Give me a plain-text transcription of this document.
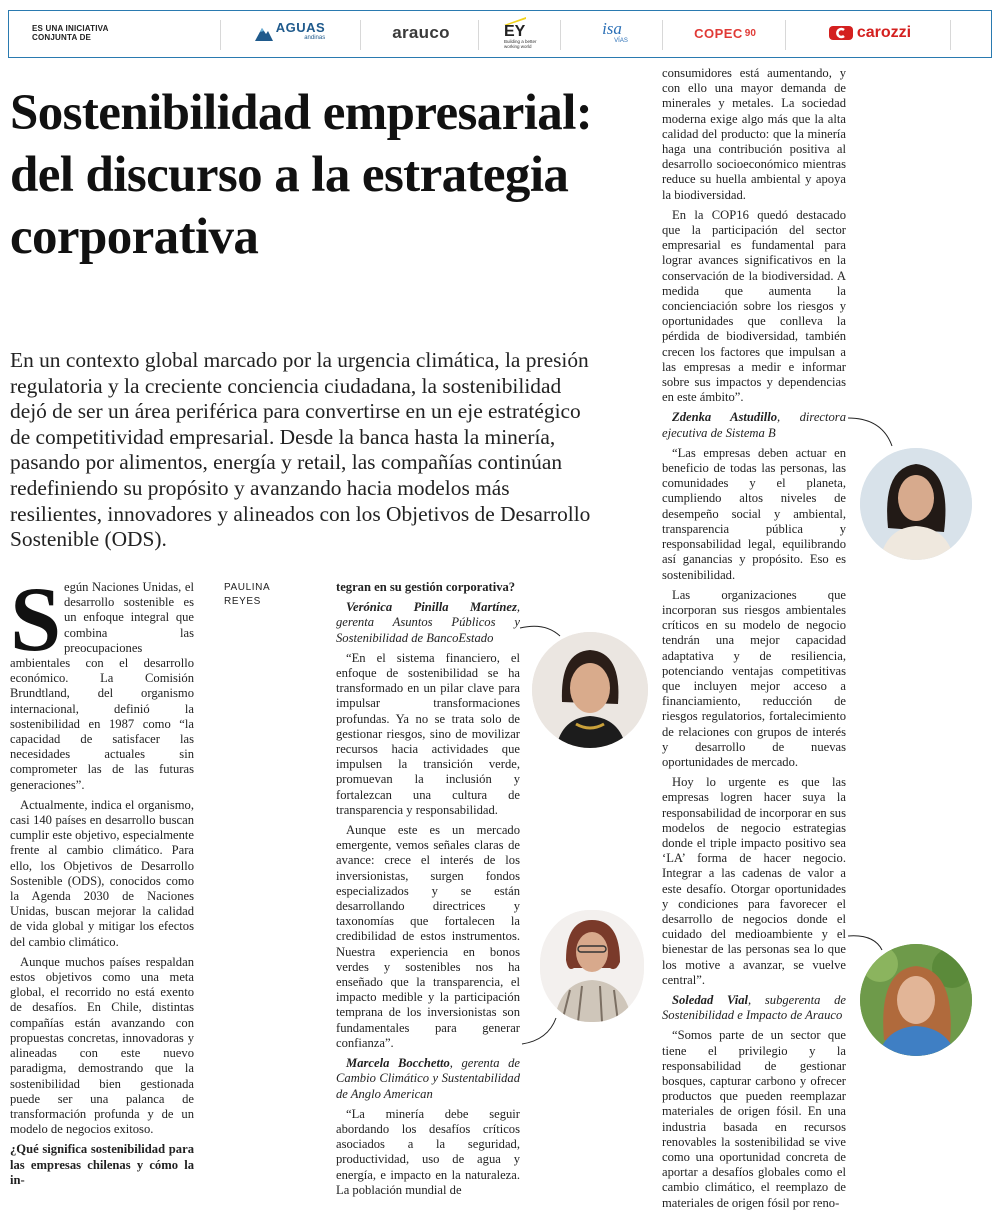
ES UNA INICIATIVA CONJUNTA DE
AGUAS
andinas	arauco	EY
Building a better working world
isa
VÍAS
COPEC 90	carozzi
Sostenibilidad empresarial: del discurso a la estrategia corporativa

En un contexto global marcado por la urgencia climática, la presión regulatoria y la creciente conciencia ciudadana, la sostenibilidad dejó de ser un área periférica para convertirse en un eje estratégico de competitividad empresarial. Desde la banca hasta la minería, pasando por alimentos, energía y retail, las compañías continúan redefiniendo su propósito y avanzando hacia modelos más resilientes, innovadores y alineados con los Objetivos de Desarrollo Sostenible (ODS).

PAULINA
REYES
S egún Naciones Unidas, el desarrollo sostenible es un enfoque integral que combina las preocupaciones ambientales con el desarrollo económico. La Comisión Brundtland, del organismo internacional, definió la sostenibilidad en 1987 como “la capacidad de satisfacer las necesidades actuales sin comprometer las de las futuras generaciones”.

Actualmente, indica el organismo, casi 140 países en desarrollo buscan cumplir este objetivo, especialmente frente al cambio climático. Para ello, los Objetivos de Desarrollo Sostenible (ODS), conocidos como la Agenda 2030 de Naciones Unidas, buscan mejorar la calidad de vida global y mitigar los efectos del cambio climático.

Aunque muchos países respaldan estos objetivos como una meta global, el recorrido no está exento de desafíos. En Chile, distintas compañías están avanzando con propuestas concretas, innovadoras y alineadas con este nuevo paradigma, demostrando que la sostenibilidad bien gestionada puede ser una palanca de transformación profunda y de un modelo de negocios exitoso.

¿Qué significa sostenibilidad para las empresas chilenas y cómo la in-

tegran en su gestión corporativa?

Verónica Pinilla Martínez, gerenta Asuntos Públicos y Sostenibilidad de BancoEstado

“En el sistema financiero, el enfoque de sostenibilidad se ha transformado en un pilar clave para impulsar transformaciones profundas. Ya no se trata solo de gestionar riesgos, sino de movilizar recursos hacia actividades que impulsen la transición verde, promuevan la inclusión y fortalezcan una cultura de transparencia y responsabilidad.

Aunque este es un mercado emergente, vemos señales claras de avance: crece el interés de los inversionistas, surgen fondos especializados y se están desarrollando directrices y taxonomías que fortalecen la credibilidad de estos instrumentos. Nuestra experiencia en bonos verdes y sostenibles nos ha enseñado que la transparencia, el impacto medible y la participación temprana de los inversionistas son fundamentales para generar confianza”.

Marcela Bocchetto, gerenta de Cambio Climático y Sustentabilidad de Anglo American

“La minería debe seguir abordando los desafíos críticos asociados a la seguridad, productividad, uso de agua y energía, e impacto en la naturaleza. La población mundial de

consumidores está aumentando, y con ello una mayor demanda de minerales y metales. La sociedad moderna exige algo más que la alta calidad del producto: que la minería haga una contribución positiva al desarrollo socioeconómico mientras reduce su huella ambiental y apoya la biodiversidad.

En la COP16 quedó destacado que la participación del sector empresarial es fundamental para lograr avances significativos en la conservación de la biodiversidad. A medida que aumenta la concienciación sobre los riesgos y oportunidades que conlleva la pérdida de biodiversidad, también crecen los factores que impulsan a las empresas a medir e informar sobre sus impactos y dependencias en este ámbito”.

Zdenka Astudillo, directora ejecutiva de Sistema B

“Las empresas deben actuar en beneficio de todas las personas, las comunidades y el planeta, cumpliendo altos niveles de desempeño social y ambiental, transparencia pública y responsabilidad legal, equilibrando así ganancias y propósito. Eso es sostenibilidad.

Las organizaciones que incorporan sus riesgos ambientales críticos en su modelo de negocio tendrán una mejor capacidad adaptativa y de resiliencia, potenciando ventajas competitivas que incluyen mejor acceso a financiamiento, reducción de riesgos regulatorios, fortalecimiento de relaciones con grupos de interés y desarrollo de nuevas oportunidades de mercado.

Hoy lo urgente es que las empresas logren hacer suya la responsabilidad de incorporar en sus modelos de negocio estrategias donde el triple impacto positivo sea ‘LA’ forma de hacer negocio. Integrar a las cadenas de valor a este desafío. Otorgar oportunidades y condiciones para favorecer el desarrollo de negocios donde el cuidado del medioambiente y el bienestar de las personas sea lo que los motive a avanzar, se vuelve central”.

Soledad Vial, subgerenta de Sostenibilidad e Impacto de Arauco

“Somos parte de un sector que tiene el privilegio y la responsabilidad de gestionar bosques, capturar carbono y ofrecer productos que pueden reemplazar materiales de origen fósil. En una industria basada en recursos renovables la sostenibilidad se vive como una oportunidad concreta de aportar a desafíos globales como el cambio climático, el reemplazo de materiales de origen fósil por reno-
